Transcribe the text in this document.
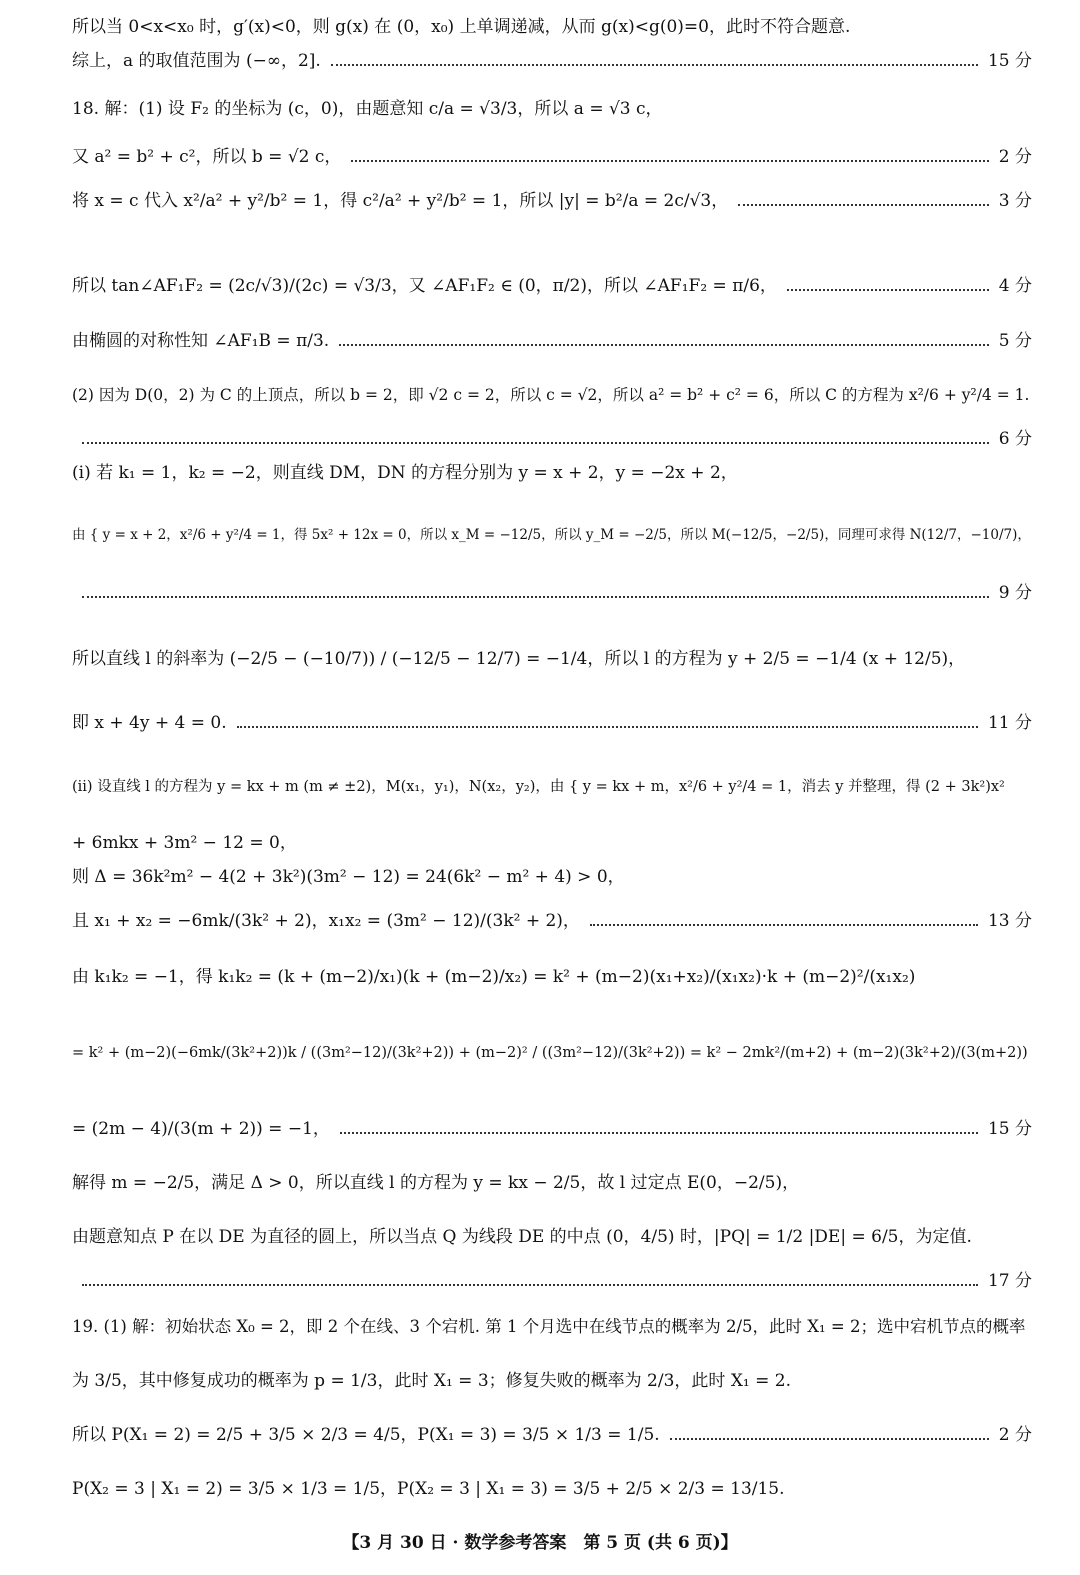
所以当 0<x<x₀ 时，g′(x)<0，则 g(x) 在 (0，x₀) 上单调递减，从而 g(x)<g(0)=0，此时不符合题意.
综上，a 的取值范围为 (−∞，2].	15 分
18. 解：(1) 设 F₂ 的坐标为 (c，0)，由题意知 c/a = √3/3，所以 a = √3 c，
又 a² = b² + c²，所以 b = √2 c，	2 分
将 x = c 代入 x²/a² + y²/b² = 1，得 c²/a² + y²/b² = 1，所以 |y| = b²/a = 2c/√3，	3 分
所以 tan∠AF₁F₂ = (2c/√3)/(2c) = √3/3，又 ∠AF₁F₂ ∈ (0，π/2)，所以 ∠AF₁F₂ = π/6，	4 分
由椭圆的对称性知 ∠AF₁B = π/3.	5 分
(2) 因为 D(0，2) 为 C 的上顶点，所以 b = 2，即 √2 c = 2，所以 c = √2，所以 a² = b² + c² = 6，所以 C 的方程为 x²/6 + y²/4 = 1.
6 分
(ⅰ) 若 k₁ = 1，k₂ = −2，则直线 DM，DN 的方程分别为 y = x + 2，y = −2x + 2，
由 { y = x + 2，x²/6 + y²/4 = 1，得 5x² + 12x = 0，所以 x_M = −12/5，所以 y_M = −2/5，所以 M(−12/5，−2/5)，同理可求得 N(12/7，−10/7)，
9 分
所以直线 l 的斜率为 (−2/5 − (−10/7)) / (−12/5 − 12/7) = −1/4，所以 l 的方程为 y + 2/5 = −1/4 (x + 12/5)，
即 x + 4y + 4 = 0.	11 分
(ⅱ) 设直线 l 的方程为 y = kx + m (m ≠ ±2)，M(x₁，y₁)，N(x₂，y₂)，由 { y = kx + m，x²/6 + y²/4 = 1，消去 y 并整理，得 (2 + 3k²)x²
+ 6mkx + 3m² − 12 = 0，
则 Δ = 36k²m² − 4(2 + 3k²)(3m² − 12) = 24(6k² − m² + 4) > 0，
且 x₁ + x₂ = −6mk/(3k² + 2)，x₁x₂ = (3m² − 12)/(3k² + 2)，	13 分
由 k₁k₂ = −1，得 k₁k₂ = (k + (m−2)/x₁)(k + (m−2)/x₂) = k² + (m−2)(x₁+x₂)/(x₁x₂)·k + (m−2)²/(x₁x₂)
= k² + (m−2)(−6mk/(3k²+2))k / ((3m²−12)/(3k²+2)) + (m−2)² / ((3m²−12)/(3k²+2)) = k² − 2mk²/(m+2) + (m−2)(3k²+2)/(3(m+2))
= (2m − 4)/(3(m + 2)) = −1，	15 分
解得 m = −2/5，满足 Δ > 0，所以直线 l 的方程为 y = kx − 2/5，故 l 过定点 E(0，−2/5)，
由题意知点 P 在以 DE 为直径的圆上，所以当点 Q 为线段 DE 的中点 (0，4/5) 时，|PQ| = 1/2 |DE| = 6/5，为定值.
17 分
19. (1) 解：初始状态 X₀ = 2，即 2 个在线、3 个宕机. 第 1 个月选中在线节点的概率为 2/5，此时 X₁ = 2；选中宕机节点的概率
为 3/5，其中修复成功的概率为 p = 1/3，此时 X₁ = 3；修复失败的概率为 2/3，此时 X₁ = 2.
所以 P(X₁ = 2) = 2/5 + 3/5 × 2/3 = 4/5，P(X₁ = 3) = 3/5 × 1/3 = 1/5.	2 分
P(X₂ = 3 | X₁ = 2) = 3/5 × 1/3 = 1/5，P(X₂ = 3 | X₁ = 3) = 3/5 + 2/5 × 2/3 = 13/15.
【3 月 30 日 · 数学参考答案　第 5 页 (共 6 页)】
